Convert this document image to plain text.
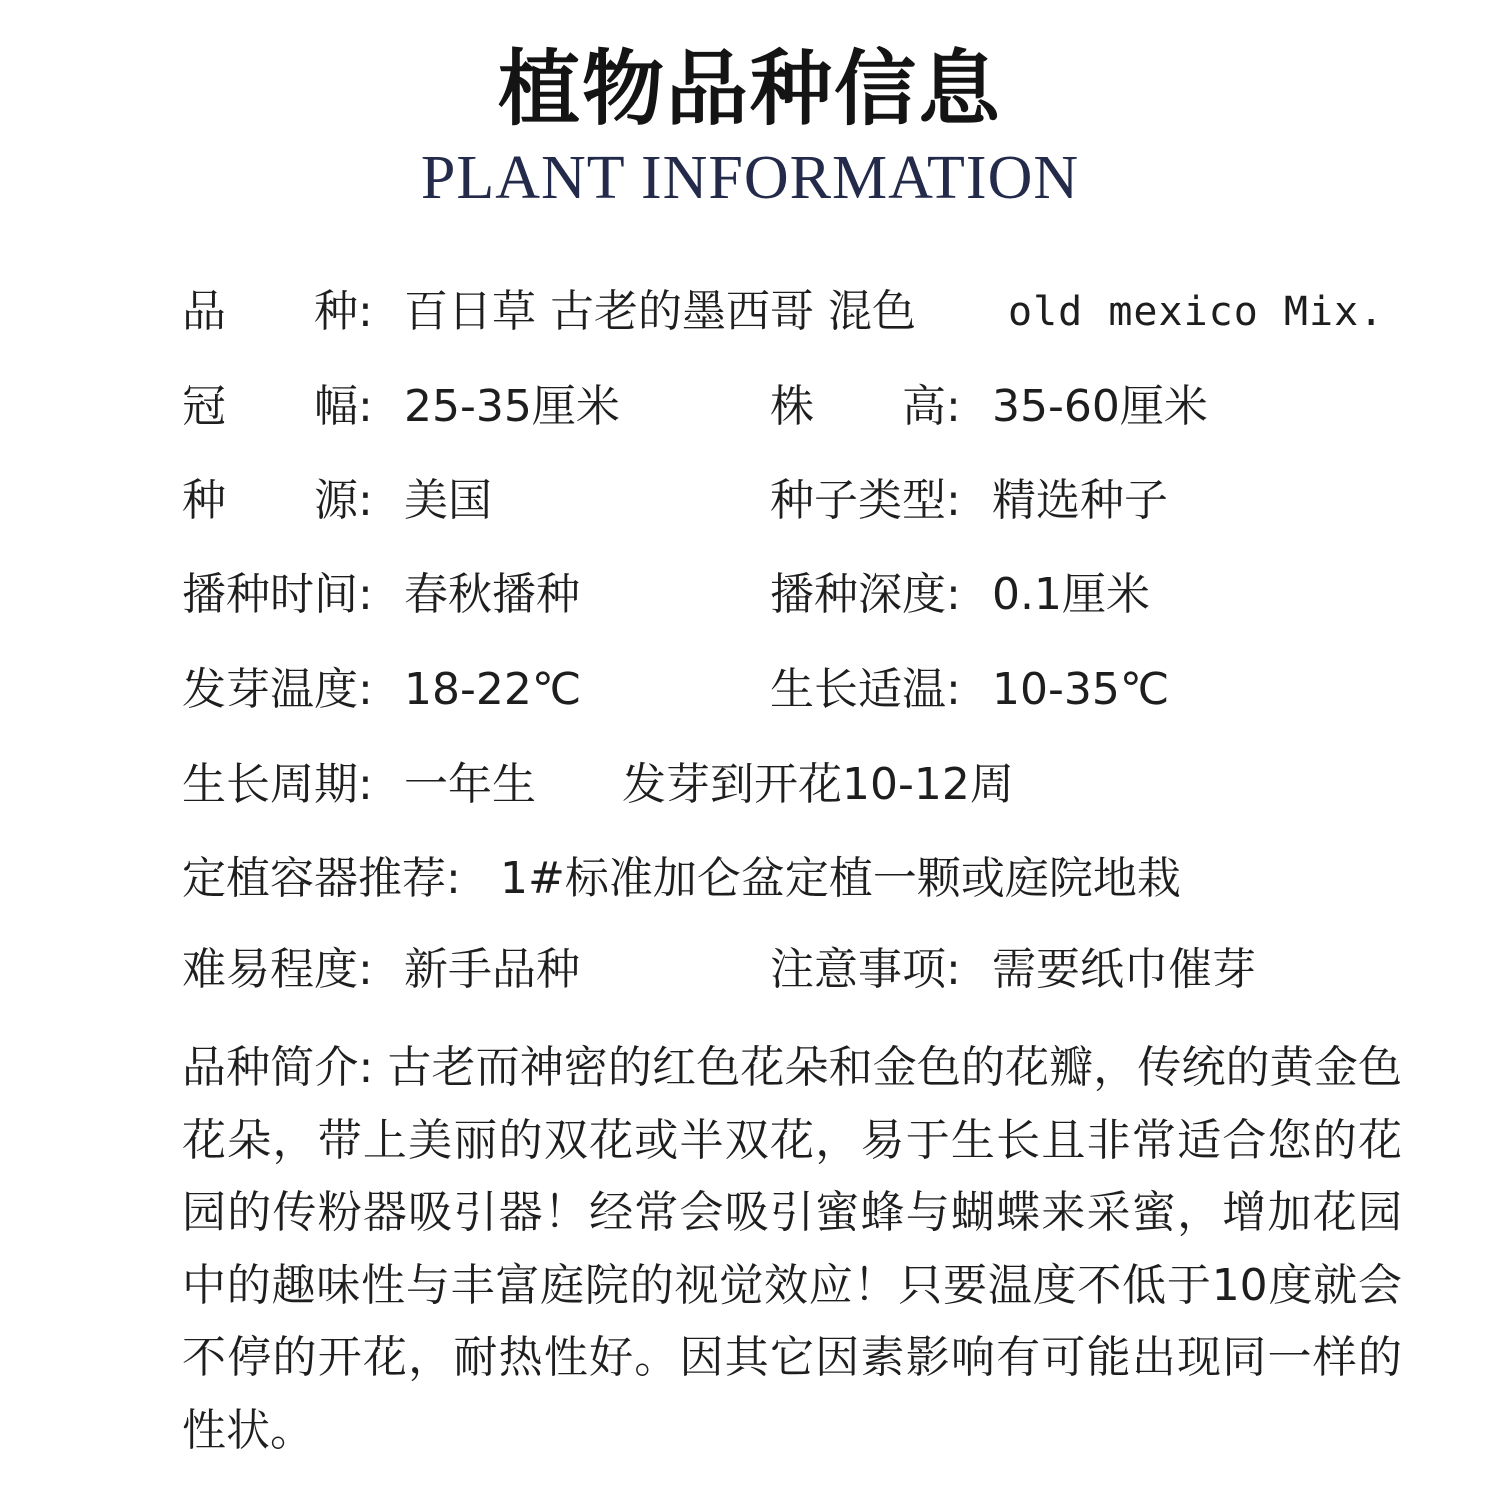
植物品种信息
PLANT INFORMATION
品　　种: 百日草 古老的墨西哥 混色 old mexico Mix.
冠　　幅: 25-35厘米	株　　高: 35-60厘米
种　　源: 美国	种子类型: 精选种子
播种时间: 春秋播种	播种深度: 0.1厘米
发芽温度: 18-22℃	生长适温: 10-35℃
生长周期: 一年生 发芽到开花10-12周
定植容器推荐: 1#标准加仑盆定植一颗或庭院地栽
难易程度: 新手品种	注意事项: 需要纸巾催芽
品种简介: 古老而神密的红色花朵和金色的花瓣，传统的黄金色花朵，带上美丽的双花或半双花，易于生长且非常适合您的花园的传粉器吸引器！经常会吸引蜜蜂与蝴蝶来采蜜，增加花园中的趣味性与丰富庭院的视觉效应！只要温度不低于10度就会不停的开花，耐热性好。因其它因素影响有可能出现同一样的性状。
